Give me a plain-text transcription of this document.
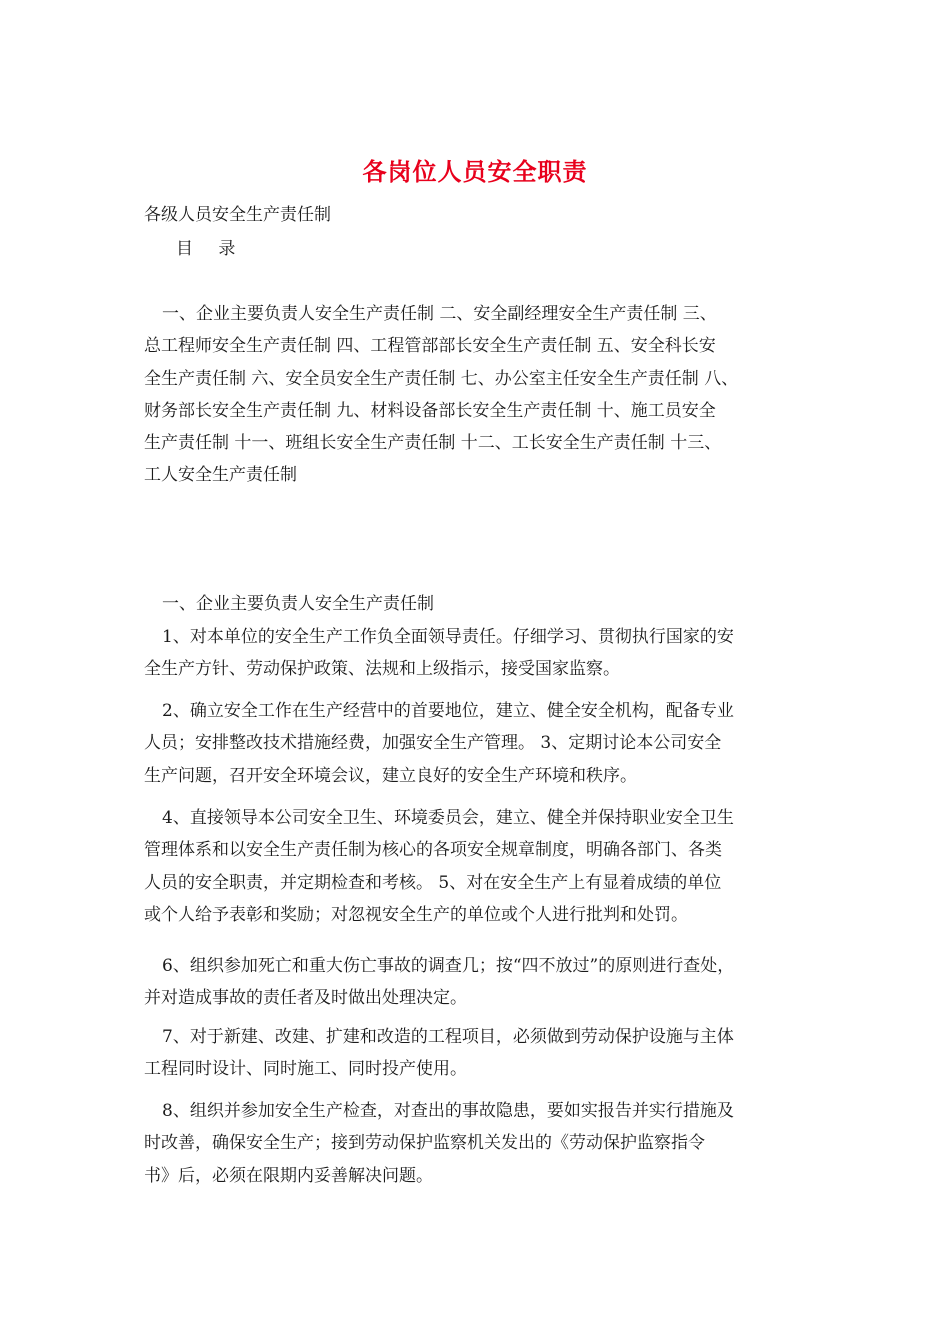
各岗位人员安全职责
各级人员安全生产责任制
目 录
一、企业主要负责人安全生产责任制 二、安全副经理安全生产责任制 三、
总工程师安全生产责任制 四、工程管部部长安全生产责任制 五、安全科长安
全生产责任制 六、安全员安全生产责任制 七、办公室主任安全生产责任制 八、
财务部长安全生产责任制 九、材料设备部长安全生产责任制 十、施工员安全
生产责任制 十一、班组长安全生产责任制 十二、工长安全生产责任制 十三、
工人安全生产责任制
一、企业主要负责人安全生产责任制
1、对本单位的安全生产工作负全面领导责任。仔细学习、贯彻执行国家的安
全生产方针、劳动保护政策、法规和上级指示，接受国家监察。
2、确立安全工作在生产经营中的首要地位，建立、健全安全机构，配备专业
人员；安排整改技术措施经费，加强安全生产管理。 3、定期讨论本公司安全
生产问题，召开安全环境会议，建立良好的安全生产环境和秩序。
4、直接领导本公司安全卫生、环境委员会，建立、健全并保持职业安全卫生
管理体系和以安全生产责任制为核心的各项安全规章制度，明确各部门、各类
人员的安全职责，并定期检查和考核。 5、对在安全生产上有显着成绩的单位
或个人给予表彰和奖励；对忽视安全生产的单位或个人进行批判和处罚。
6、组织参加死亡和重大伤亡事故的调查几；按“四不放过”的原则进行查处，
并对造成事故的责任者及时做出处理决定。
7、对于新建、改建、扩建和改造的工程项目，必须做到劳动保护设施与主体
工程同时设计、同时施工、同时投产使用。
8、组织并参加安全生产检查，对查出的事故隐患，要如实报告并实行措施及
时改善，确保安全生产；接到劳动保护监察机关发出的《劳动保护监察指令
书》后，必须在限期内妥善解决问题。
